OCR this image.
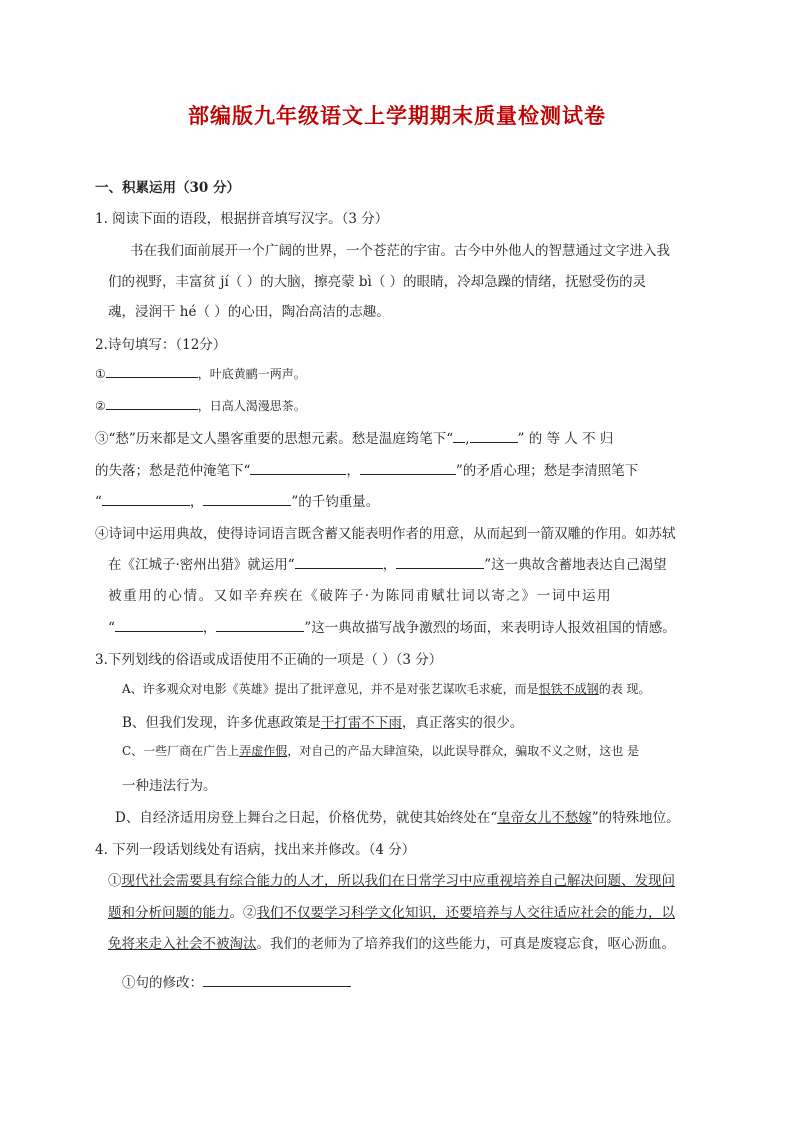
部编版九年级语文上学期期末质量检测试卷
一、积累运用（30 分）
1. 阅读下面的语段，根据拼音填写汉字。（3 分）
书在我们面前展开一个广阔的世界，一个苍茫的宇宙。古今中外他人的智慧通过文字进入我
们的视野，丰富贫 jí（ ）的大脑，擦亮蒙 bì（ ）的眼睛，冷却急躁的情绪，抚慰受伤的灵
魂，浸润干 hé（ ）的心田，陶冶高洁的志趣。
2.诗句填写：（12分）
①	，叶底黄鹂一两声。
②	，日高人渴漫思茶。
③“愁”历来都是文人墨客重要的思想元素。愁是温庭筠笔下“ ,	” 的 等 人 不 归
的失落；愁是范仲淹笔下“	，	”的矛盾心理；愁是李清照笔下
“	，	”的千钧重量。
④诗词中运用典故，使得诗词语言既含蓄又能表明作者的用意，从而起到一箭双雕的作用。如苏轼
在《江城子·密州出猎》就运用“	，	”这一典故含蓄地表达自己渴望
被重用的心情。又如辛弃疾在《破阵子·为陈同甫赋壮词以寄之》一词中运用
“	，	”这一典故描写战争激烈的场面，来表明诗人报效祖国的情感。
3.下列划线的俗语或成语使用不正确的一项是（ ）（3 分）
A、许多观众对电影《英雄》提出了批评意见，并不是对张艺谋吹毛求疵，而是恨铁不成钢的表 现。
B、但我们发现，许多优惠政策是干打雷不下雨，真正落实的很少。
C、一些厂商在广告上弄虚作假，对自己的产品大肆渲染，以此误导群众，骗取不义之财，这也 是
一种违法行为。
D、自经济适用房登上舞台之日起，价格优势，就使其始终处在“皇帝女儿不愁嫁”的特殊地位。
4. 下列一段话划线处有语病，找出来并修改。（4 分）
①现代社会需要具有综合能力的人才，所以我们在日常学习中应重视培养自己解决问题、发现问
题和分析问题的能力。②我们不仅要学习科学文化知识，还要培养与人交往适应社会的能力，以
免将来走入社会不被淘汰。我们的老师为了培养我们的这些能力，可真是废寝忘食，呕心沥血。
①句的修改：
